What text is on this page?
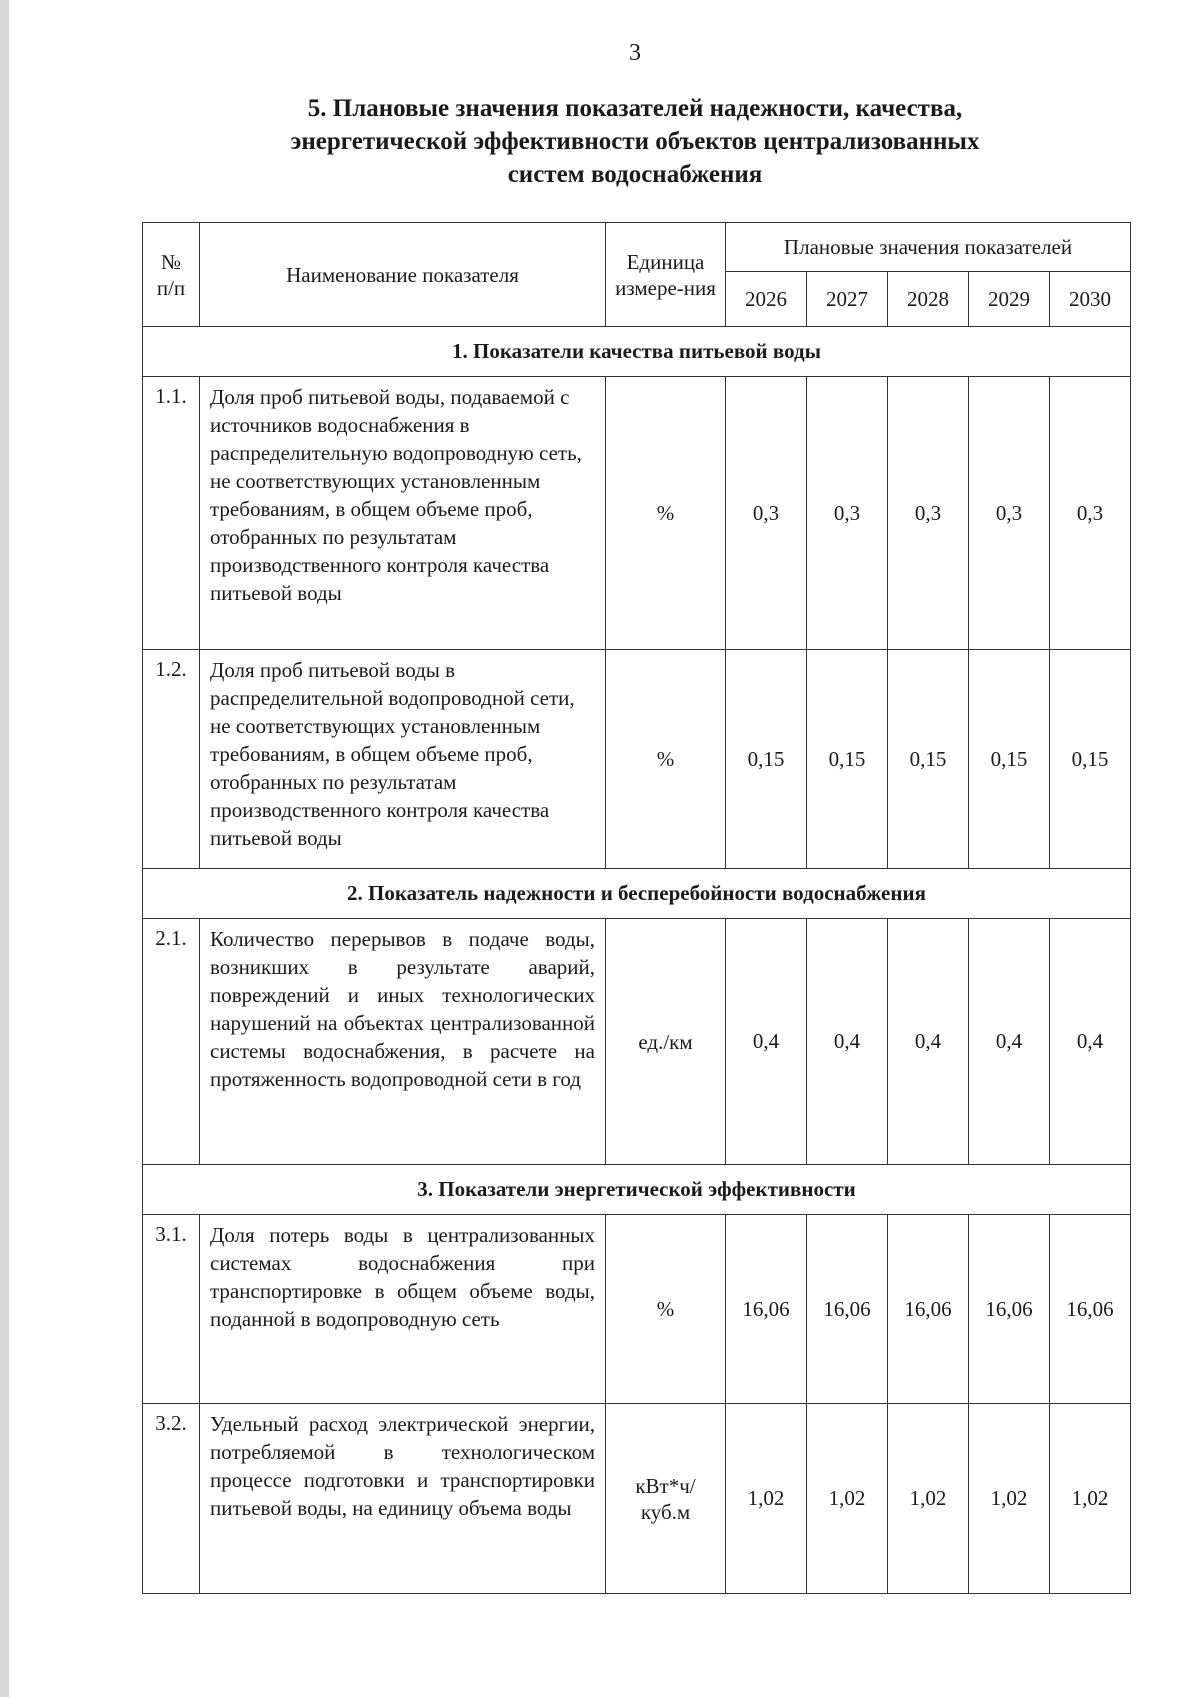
3
5. Плановые значения показателей надежности, качества,
энергетической эффективности объектов централизованных
систем водоснабжения
№ п/п	Наименование показателя	Единица измере-ния	Плановые значения показателей				
			2026	2027	2028	2029	2030
1. Показатели качества питьевой воды							
1.1.	Доля проб питьевой воды, подаваемой с источников водоснабжения в распределительную водопроводную сеть, не соответствующих установленным требованиям, в общем объеме проб, отобранных по результатам производственного контроля качества питьевой воды	%	0,3	0,3	0,3	0,3	0,3
1.2.	Доля проб питьевой воды в распределительной водопроводной сети, не соответствующих установленным требованиям, в общем объеме проб, отобранных по результатам производственного контроля качества питьевой воды	%	0,15	0,15	0,15	0,15	0,15
2. Показатель надежности и бесперебойности водоснабжения							
2.1.	Количество перерывов в подаче воды, возникших в результате аварий, повреждений и иных технологических нарушений на объектах централизованной системы водоснабжения, в расчете на протяженность водопроводной сети в год	ед./км	0,4	0,4	0,4	0,4	0,4
3. Показатели энергетической эффективности							
3.1.	Доля потерь воды в централизованных системах водоснабжения при транспортировке в общем объеме воды, поданной в водопроводную сеть	%	16,06	16,06	16,06	16,06	16,06
3.2.	Удельный расход электрической энергии, потребляемой в технологическом процессе подготовки и транспортировки питьевой воды, на единицу объема воды	кВт*ч/ куб.м	1,02	1,02	1,02	1,02	1,02
